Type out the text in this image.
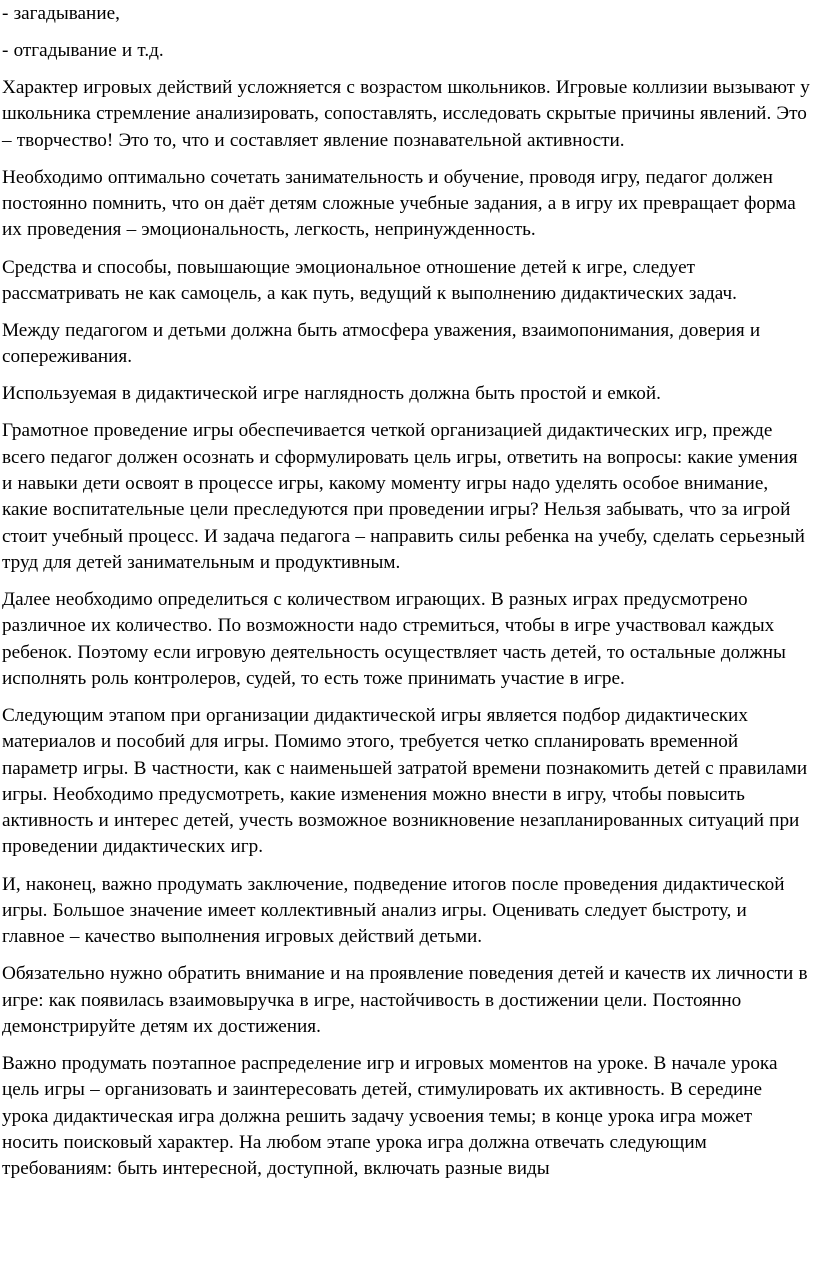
- загадывание,

- отгадывание и т.д.

Характер игровых действий усложняется с возрастом школьников. Игровые коллизии вызывают у школьника стремление анализировать, сопоставлять, исследовать скрытые причины явлений. Это – творчество! Это то, что и составляет явление познавательной активности.

Необходимо оптимально сочетать занимательность и обучение, проводя игру, педагог должен постоянно помнить, что он даёт детям сложные учебные задания, а в игру их превращает форма их проведения – эмоциональность, легкость, непринужденность.

Средства и способы, повышающие эмоциональное отношение детей к игре, следует рассматривать не как самоцель, а как путь, ведущий к выполнению дидактических задач.

Между педагогом и детьми должна быть атмосфера уважения, взаимопонимания, доверия и сопереживания.

Используемая в дидактической игре наглядность должна быть простой и емкой.

Грамотное проведение игры обеспечивается четкой организацией дидактических игр, прежде всего педагог должен осознать и сформулировать цель игры, ответить на вопросы: какие умения и навыки дети освоят в процессе игры, какому моменту игры надо уделять особое внимание, какие воспитательные цели преследуются при проведении игры? Нельзя забывать, что за игрой стоит учебный процесс. И задача педагога – направить силы ребенка на учебу, сделать серьезный труд для детей занимательным и продуктивным.

Далее необходимо определиться с количеством играющих. В разных играх предусмотрено различное их количество. По возможности надо стремиться, чтобы в игре участвовал каждых ребенок. Поэтому если игровую деятельность осуществляет часть детей, то остальные должны исполнять роль контролеров, судей, то есть тоже принимать участие в игре.

Следующим этапом при организации дидактической игры является подбор дидактических материалов и пособий для игры. Помимо этого, требуется четко спланировать временной параметр игры. В частности, как с наименьшей затратой времени познакомить детей с правилами игры. Необходимо предусмотреть, какие изменения можно внести в игру, чтобы повысить активность и интерес детей, учесть возможное возникновение незапланированных ситуаций при проведении дидактических игр.

И, наконец, важно продумать заключение, подведение итогов после проведения дидактической игры. Большое значение имеет коллективный анализ игры. Оценивать следует быстроту, и главное – качество выполнения игровых действий детьми.

Обязательно нужно обратить внимание и на проявление поведения детей и качеств их личности в игре: как появилась взаимовыручка в игре, настойчивость в достижении цели. Постоянно демонстрируйте детям их достижения.

Важно продумать поэтапное распределение игр и игровых моментов на уроке. В начале урока цель игры – организовать и заинтересовать детей, стимулировать их активность. В середине урока дидактическая игра должна решить задачу усвоения темы; в конце урока игра может носить поисковый характер. На любом этапе урока игра должна отвечать следующим требованиям: быть интересной, доступной, включать разные виды
